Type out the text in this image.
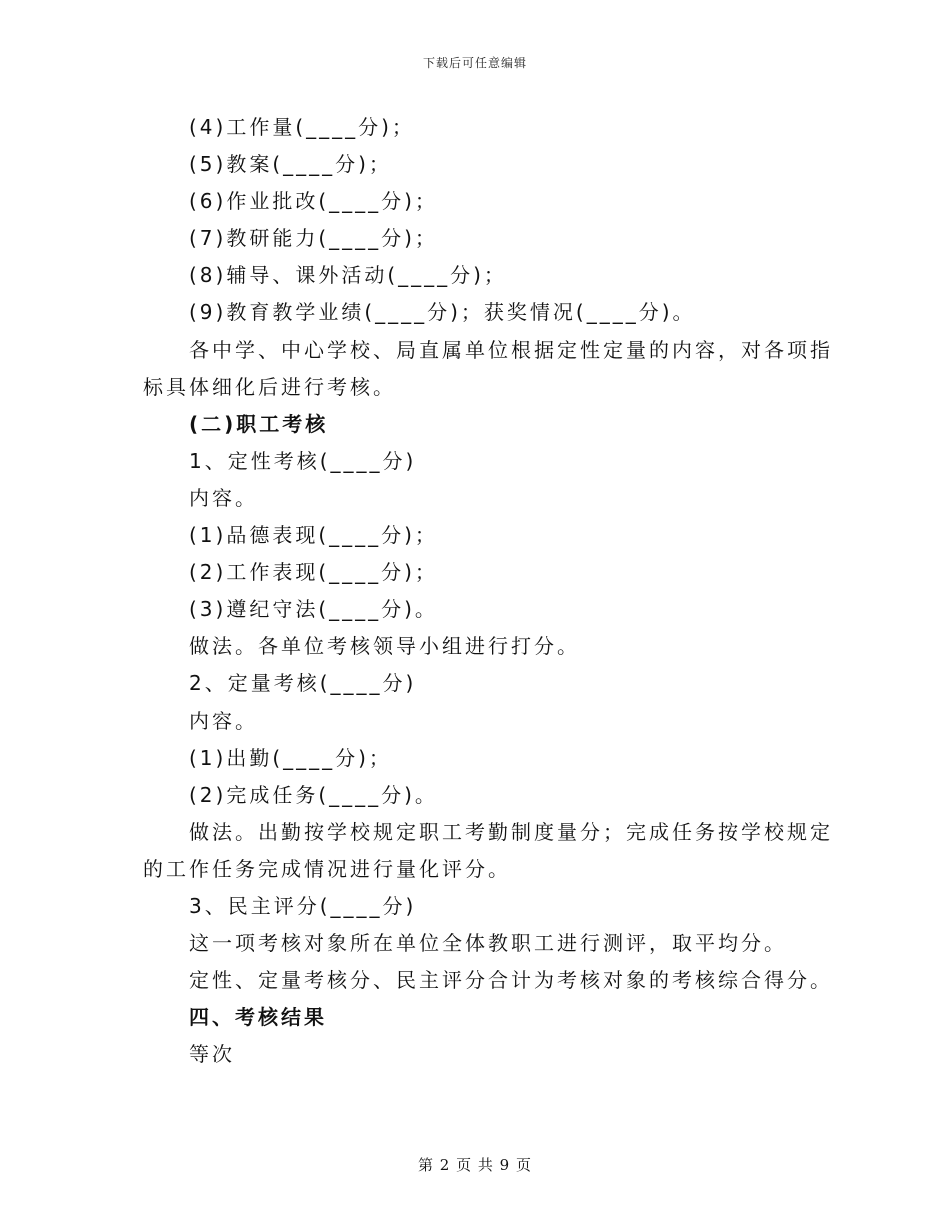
下载后可任意编辑
(4)工作量(____分)；
(5)教案(____分)；
(6)作业批改(____分)；
(7)教研能力(____分)；
(8)辅导、课外活动(____分)；
(9)教育教学业绩(____分)；获奖情况(____分)。
各中学、中心学校、局直属单位根据定性定量的内容，对各项指
标具体细化后进行考核。
(二)职工考核
1、定性考核(____分)
内容。
(1)品德表现(____分)；
(2)工作表现(____分)；
(3)遵纪守法(____分)。
做法。各单位考核领导小组进行打分。
2、定量考核(____分)
内容。
(1)出勤(____分)；
(2)完成任务(____分)。
做法。出勤按学校规定职工考勤制度量分；完成任务按学校规定
的工作任务完成情况进行量化评分。
3、民主评分(____分)
这一项考核对象所在单位全体教职工进行测评，取平均分。
定性、定量考核分、民主评分合计为考核对象的考核综合得分。
四、考核结果
等次
第 2 页 共 9 页
